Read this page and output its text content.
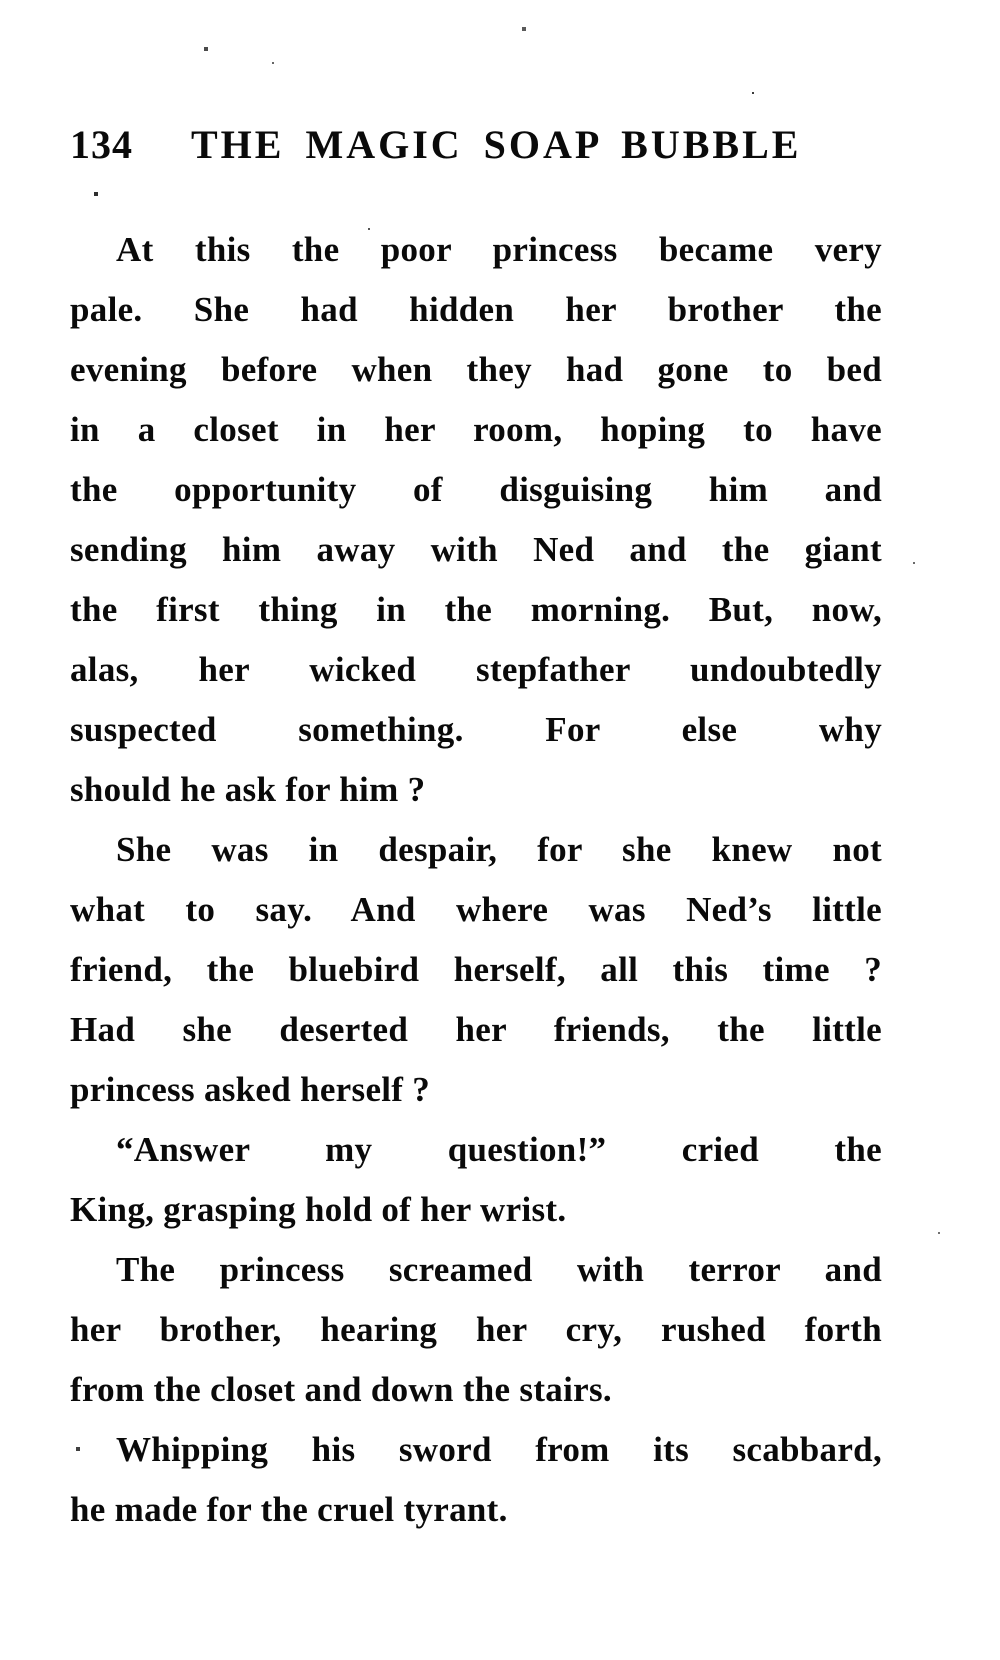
134 THE MAGIC SOAP BUBBLE
At this the poor princess became very
pale. She had hidden her brother the
evening before when they had gone to bed
in a closet in her room, hoping to have
the opportunity of disguising him and
sending him away with Ned and the giant
the first thing in the morning. But, now,
alas, her wicked stepfather undoubtedly
suspected something. For else why
should he ask for him ?
She was in despair, for she knew not
what to say. And where was Ned’s little
friend, the bluebird herself, all this time ?
Had she deserted her friends, the little
princess asked herself ?
“Answer my question!” cried the
King, grasping hold of her wrist.
The princess screamed with terror and
her brother, hearing her cry, rushed forth
from the closet and down the stairs.
Whipping his sword from its scabbard,
he made for the cruel tyrant.
